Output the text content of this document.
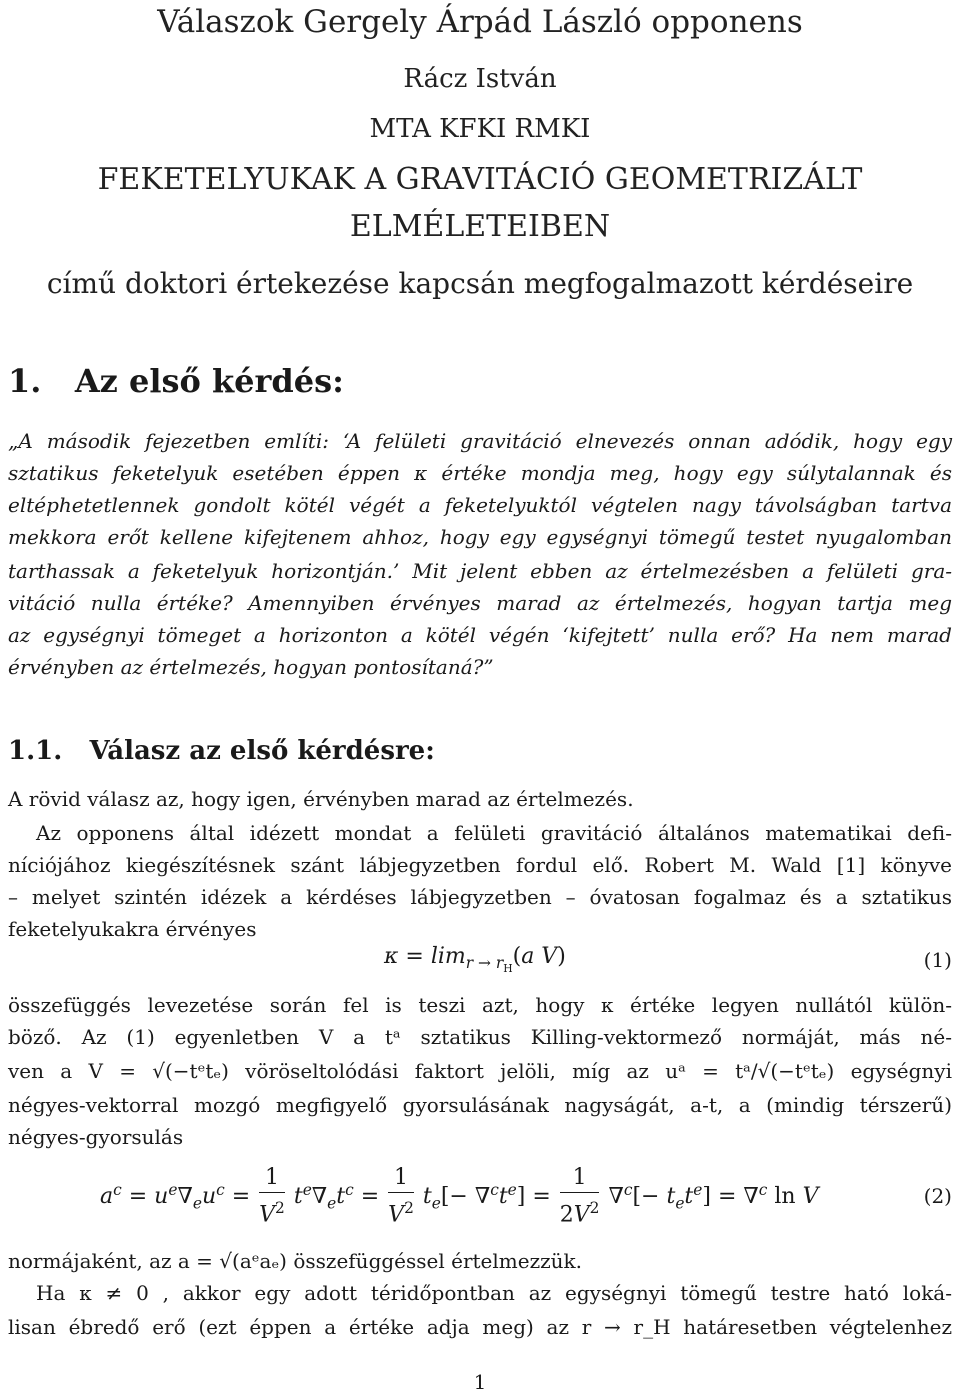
Válaszok Gergely Árpád László opponens
Rácz István
MTA KFKI RMKI
FEKETELYUKAK A GRAVITÁCIÓ GEOMETRIZÁLT
ELMÉLETEIBEN
című doktori értekezése kapcsán megfogalmazott kérdéseire
1.   Az első kérdés:
„A második fejezetben említi: ‘A felületi gravitáció elnevezés onnan adódik, hogy egy
sztatikus feketelyuk esetében éppen κ értéke mondja meg, hogy egy súlytalannak és
eltéphetetlennek gondolt kötél végét a feketelyuktól végtelen nagy távolságban tartva
mekkora erőt kellene kifejtenem ahhoz, hogy egy egységnyi tömegű testet nyugalomban
tarthassak a feketelyuk horizontján.’ Mit jelent ebben az értelmezésben a felületi gra-
vitáció nulla értéke? Amennyiben érvényes marad az értelmezés, hogyan tartja meg
az egységnyi tömeget a horizonton a kötél végén ‘kifejtett’ nulla erő? Ha nem marad
érvényben az értelmezés, hogyan pontosítaná?”
1.1.   Válasz az első kérdésre:
A rövid válasz az, hogy igen, érvényben marad az értelmezés.
Az opponens által idézett mondat a felületi gravitáció általános matematikai defi-
níciójához kiegészítésnek szánt lábjegyzetben fordul elő. Robert M. Wald [1] könyve
– melyet szintén idézek a kérdéses lábjegyzetben – óvatosan fogalmaz és a sztatikus
feketelyukakra érvényes
$\kappa = \lim_{r \to r_H}(a$ V)	(1)
összefüggés levezetése során fel is teszi azt, hogy κ értéke legyen nullától külön-
böző. Az (1) egyenletben V a tᵃ sztatikus Killing-vektormező normáját, más né-
ven a V = √(−tᵉtₑ) vöröseltolódási faktort jelöli, míg az uᵃ = tᵃ/√(−tᵉtₑ) egységnyi
négyes-vektorral mozgó megfigyelő gyorsulásának nagyságát, a-t, a (mindig térszerű)
négyes-gyorsulás
$a^c = u^e\nabla_eu^c = \frac{1}{V^2} t^e\nabla_et^c = \frac{1}{V^2} t_e[- \nabla^ct^e] = \frac{1}{2V^2} \nabla^c[- t_et^e] = \nabla^c$ ln V	(2)
normájaként, az a = √(aᵉaₑ) összefüggéssel értelmezzük.
Ha κ ≠ 0 , akkor egy adott téridőpontban az egységnyi tömegű testre ható loká-
lisan ébredő erő (ezt éppen a értéke adja meg) az r → r_H határesetben végtelenhez
1
